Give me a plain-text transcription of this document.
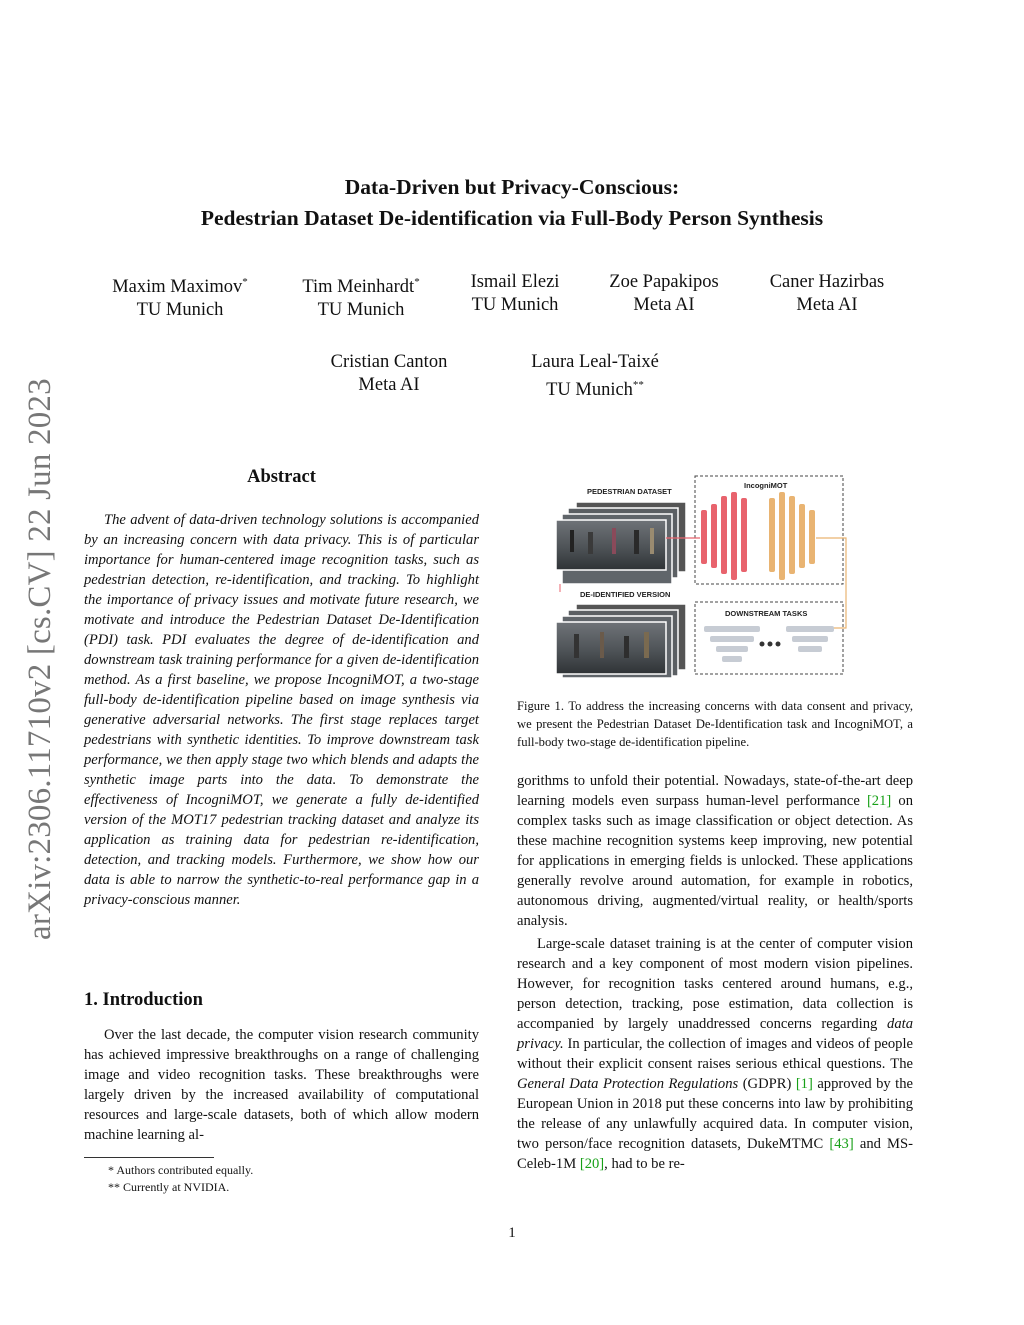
Data-Driven but Privacy-Conscious:
Pedestrian Dataset De-identification via Full-Body Person Synthesis
Maxim Maximov*
TU Munich
Tim Meinhardt*
TU Munich
Ismail Elezi
TU Munich
Zoe Papakipos
Meta AI
Caner Hazirbas
Meta AI
Cristian Canton
Meta AI
Laura Leal-Taixé
TU Munich**
arXiv:2306.11710v2 [cs.CV] 22 Jun 2023	Abstract
The advent of data-driven technology solutions is accompanied by an increasing concern with data privacy. This is of particular importance for human-centered image recognition tasks, such as pedestrian detection, re-identification, and tracking. To highlight the importance of privacy issues and motivate future research, we motivate and introduce the Pedestrian Dataset De-Identification (PDI) task. PDI evaluates the degree of de-identification and downstream task training performance for a given de-identification method. As a first baseline, we propose IncogniMOT, a two-stage full-body de-identification pipeline based on image synthesis via generative adversarial networks. The first stage replaces target pedestrians with synthetic identities. To improve downstream task performance, we then apply stage two which blends and adapts the synthetic image parts into the data. To demonstrate the effectiveness of IncogniMOT, we generate a fully de-identified version of the MOT17 pedestrian tracking dataset and analyze its application as training data for pedestrian re-identification, detection, and tracking models. Furthermore, we show how our data is able to narrow the synthetic-to-real performance gap in a privacy-conscious manner.
1. Introduction
Over the last decade, the computer vision research community has achieved impressive breakthroughs on a range of challenging image and video recognition tasks. These breakthroughs were largely driven by the increased availability of computational resources and large-scale datasets, both of which allow modern machine learning al-
* Authors contributed equally.
** Currently at NVIDIA.
PEDESTRIAN DATASET
IncogniMOT
DE-IDENTIFIED VERSION
DOWNSTREAM TASKS
Figure 1. To address the increasing concerns with data consent and privacy, we present the Pedestrian Dataset De-Identification task and IncogniMOT, a full-body two-stage de-identification pipeline.

gorithms to unfold their potential. Nowadays, state-of-the-art deep learning models even surpass human-level performance [21] on complex tasks such as image classification or object detection. As these machine recognition systems keep improving, new potential for applications in emerging fields is unlocked. These applications generally revolve around automation, for example in robotics, autonomous driving, augmented/virtual reality, or health/sports analysis.

Large-scale dataset training is at the center of computer vision research and a key component of most modern vision pipelines. However, for recognition tasks centered around humans, e.g., person detection, tracking, pose estimation, data collection is accompanied by largely unaddressed concerns regarding data privacy. In particular, the collection of images and videos of people without their explicit consent raises serious ethical questions. The General Data Protection Regulations (GDPR) [1] approved by the European Union in 2018 put these concerns into law by prohibiting the release of any unlawfully acquired data. In computer vision, two person/face recognition datasets, DukeMTMC [43] and MS-Celeb-1M [20], had to be re-

1
